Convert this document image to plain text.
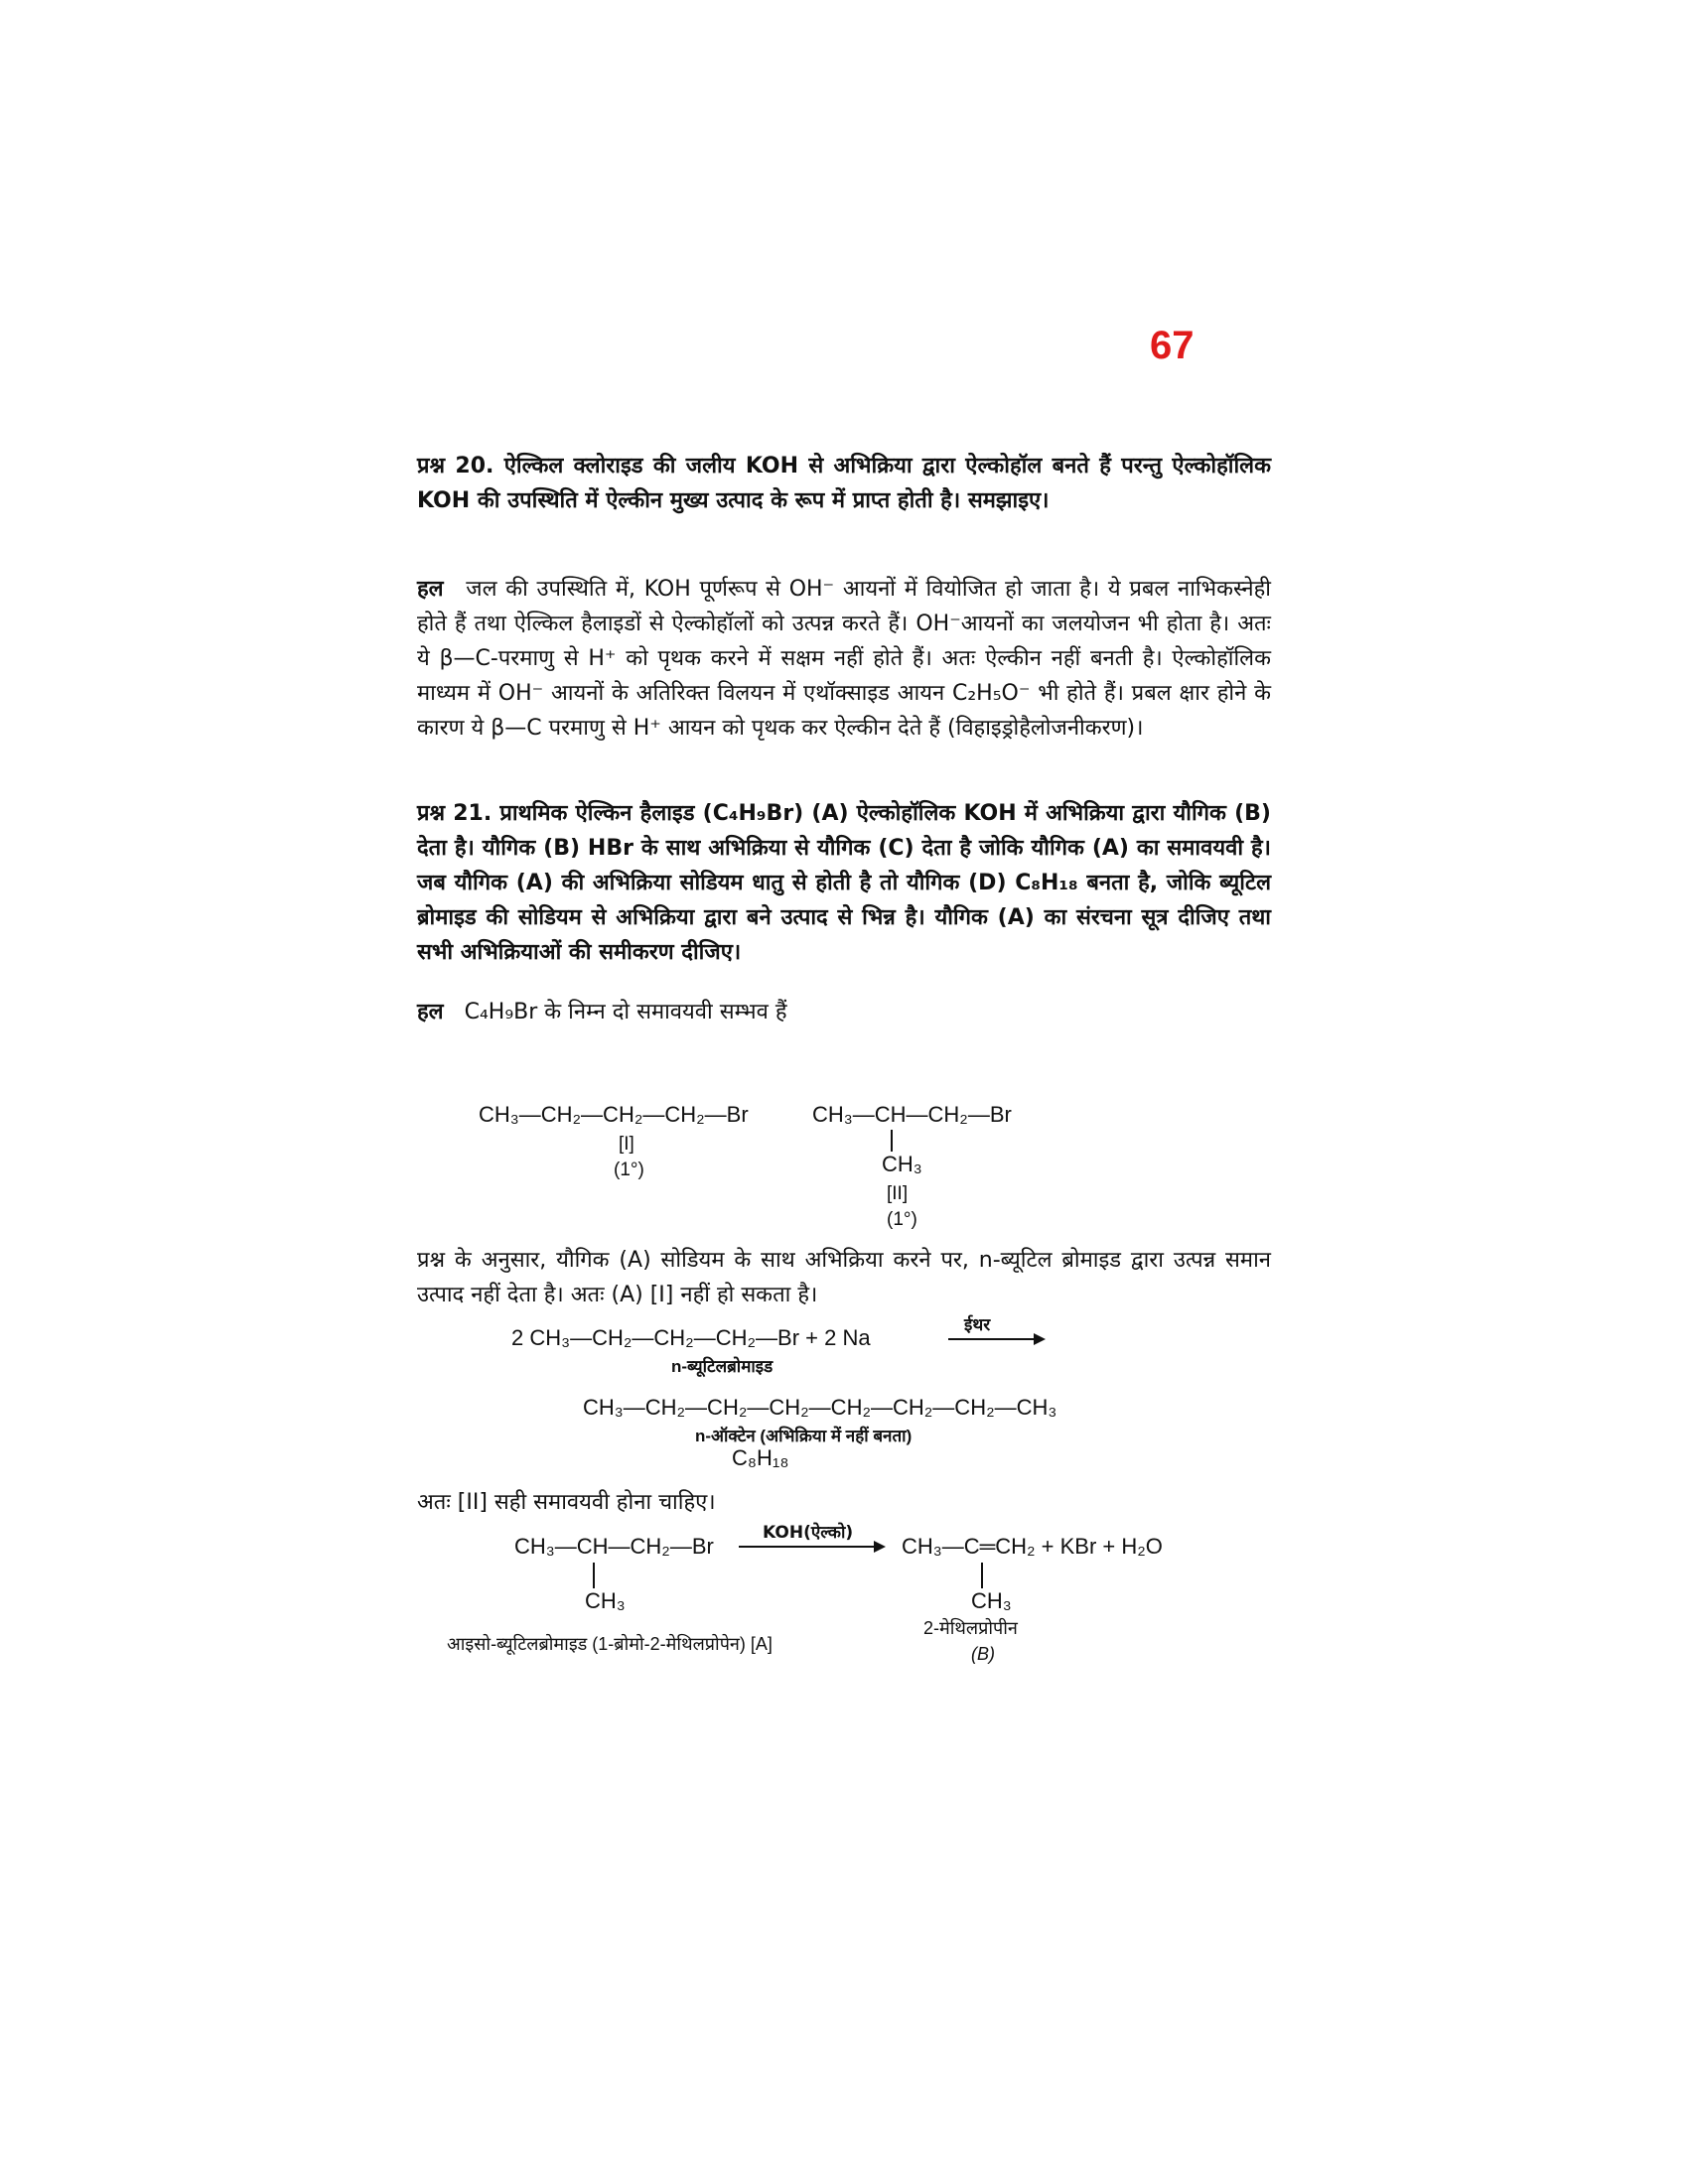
67
प्रश्न 20. ऐल्किल क्लोराइड की जलीय KOH से अभिक्रिया द्वारा ऐल्कोहॉल बनते हैं परन्तु ऐल्कोहॉलिक KOH की उपस्थिति में ऐल्कीन मुख्य उत्पाद के रूप में प्राप्त होती है। समझाइए।
हल जल की उपस्थिति में, KOH पूर्णरूप से OH⁻ आयनों में वियोजित हो जाता है। ये प्रबल नाभिकस्नेही होते हैं तथा ऐल्किल हैलाइडों से ऐल्कोहॉलों को उत्पन्न करते हैं। OH⁻आयनों का जलयोजन भी होता है। अतः ये β—C-परमाणु से H⁺ को पृथक करने में सक्षम नहीं होते हैं। अतः ऐल्कीन नहीं बनती है। ऐल्कोहॉलिक माध्यम में OH⁻ आयनों के अतिरिक्त विलयन में एथॉक्साइड आयन C₂H₅O⁻ भी होते हैं। प्रबल क्षार होने के कारण ये β—C परमाणु से H⁺ आयन को पृथक कर ऐल्कीन देते हैं (विहाइड्रोहैलोजनीकरण)।
प्रश्न 21. प्राथमिक ऐल्किन हैलाइड (C₄H₉Br) (A) ऐल्कोहॉलिक KOH में अभिक्रिया द्वारा यौगिक (B) देता है। यौगिक (B) HBr के साथ अभिक्रिया से यौगिक (C) देता है जोकि यौगिक (A) का समावयवी है। जब यौगिक (A) की अभिक्रिया सोडियम धातु से होती है तो यौगिक (D) C₈H₁₈ बनता है, जोकि ब्यूटिल ब्रोमाइड की सोडियम से अभिक्रिया द्वारा बने उत्पाद से भिन्न है। यौगिक (A) का संरचना सूत्र दीजिए तथा सभी अभिक्रियाओं की समीकरण दीजिए।
हल C₄H₉Br के निम्न दो समावयवी सम्भव हैं
CH₃—CH₂—CH₂—CH₂—Br
[I]
(1°)
CH₃—CH—CH₂—Br
CH₃
[II]
(1°)
प्रश्न के अनुसार, यौगिक (A) सोडियम के साथ अभिक्रिया करने पर, n-ब्यूटिल ब्रोमाइड द्वारा उत्पन्न समान उत्पाद नहीं देता है। अतः (A) [I] नहीं हो सकता है।
2 CH₃—CH₂—CH₂—CH₂—Br + 2 Na	ईथर
n-ब्यूटिलब्रोमाइड
CH₃—CH₂—CH₂—CH₂—CH₂—CH₂—CH₂—CH₃
n-ऑक्टेन (अभिक्रिया में नहीं बनता)
C₈H₁₈
अतः [II] सही समावयवी होना चाहिए।
CH₃—CH—CH₂—Br
CH₃
KOH(ऐल्को)
CH₃—C═CH₂ + KBr + H₂O
CH₃
आइसो-ब्यूटिलब्रोमाइड (1-ब्रोमो-2-मेथिलप्रोपेन) [A]
2-मेथिलप्रोपीन
(B)
